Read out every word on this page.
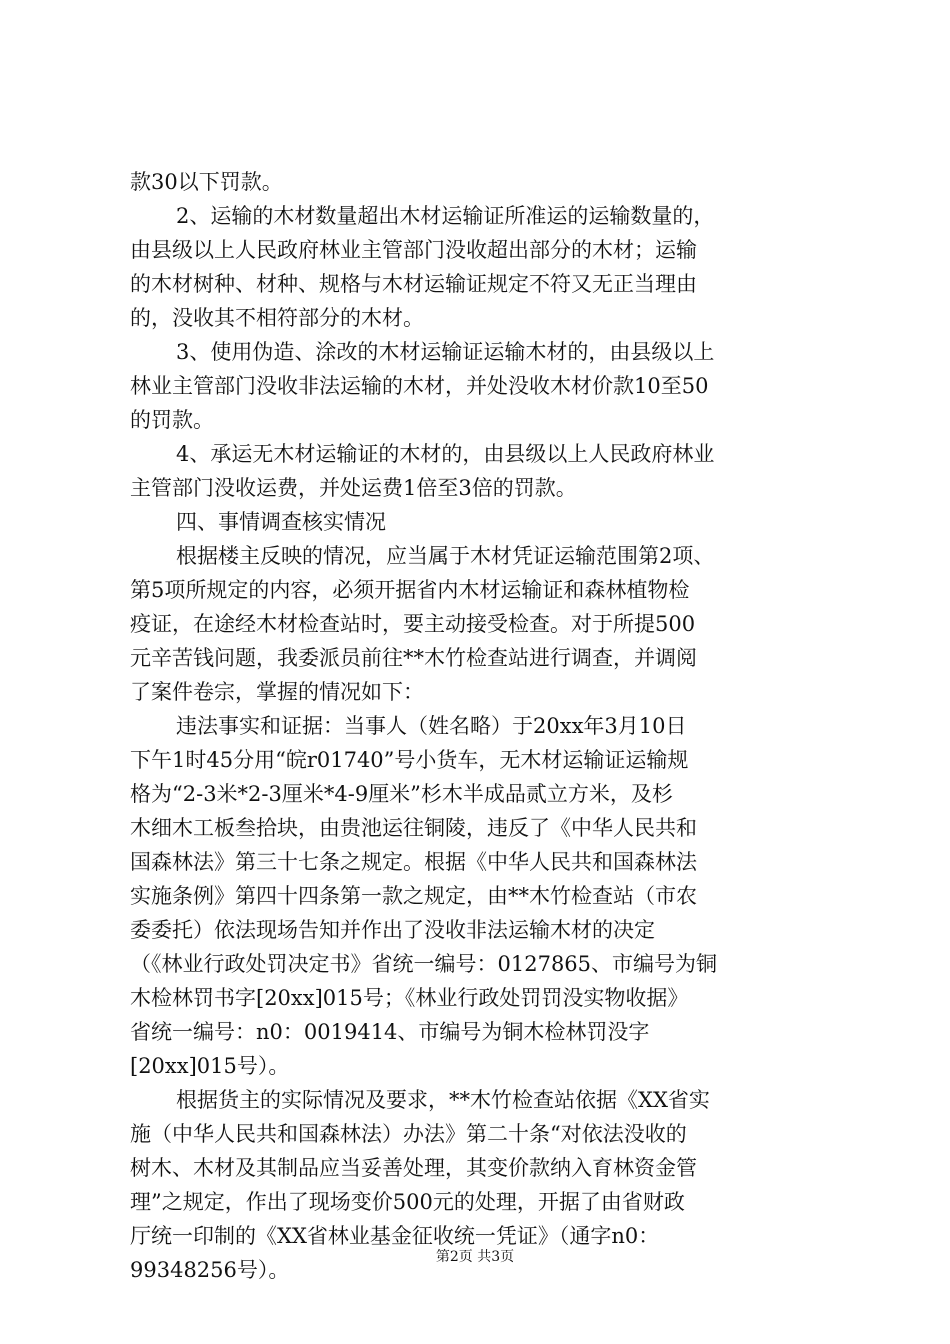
款30以下罚款。
2、运输的木材数量超出木材运输证所准运的运输数量的，
由县级以上人民政府林业主管部门没收超出部分的木材；运输
的木材树种、材种、规格与木材运输证规定不符又无正当理由
的，没收其不相符部分的木材。
3、使用伪造、涂改的木材运输证运输木材的，由县级以上
林业主管部门没收非法运输的木材，并处没收木材价款10至50
的罚款。
4、承运无木材运输证的木材的，由县级以上人民政府林业
主管部门没收运费，并处运费1倍至3倍的罚款。
四、事情调查核实情况
根据楼主反映的情况，应当属于木材凭证运输范围第2项、
第5项所规定的内容，必须开据省内木材运输证和森林植物检
疫证，在途经木材检查站时，要主动接受检查。对于所提500
元辛苦钱问题，我委派员前往**木竹检查站进行调查，并调阅
了案件卷宗，掌握的情况如下：
违法事实和证据：当事人（姓名略）于20xx年3月10日
下午1时45分用“皖r01740”号小货车，无木材运输证运输规
格为“2-3米*2-3厘米*4-9厘米”杉木半成品贰立方米，及杉
木细木工板叁拾块，由贵池运往铜陵，违反了《中华人民共和
国森林法》第三十七条之规定。根据《中华人民共和国森林法
实施条例》第四十四条第一款之规定，由**木竹检查站（市农
委委托）依法现场告知并作出了没收非法运输木材的决定
（《林业行政处罚决定书》省统一编号：0127865、市编号为铜
木检林罚书字[20xx]015号；《林业行政处罚罚没实物收据》
省统一编号：n0：0019414、市编号为铜木检林罚没字
[20xx]015号）。
根据货主的实际情况及要求，**木竹检查站依据《XX省实
施（中华人民共和国森林法）办法》第二十条“对依法没收的
树木、木材及其制品应当妥善处理，其变价款纳入育林资金管
理”之规定，作出了现场变价500元的处理，开据了由省财政
厅统一印制的《XX省林业基金征收统一凭证》（通字n0：
99348256号）。
第2页 共3页
